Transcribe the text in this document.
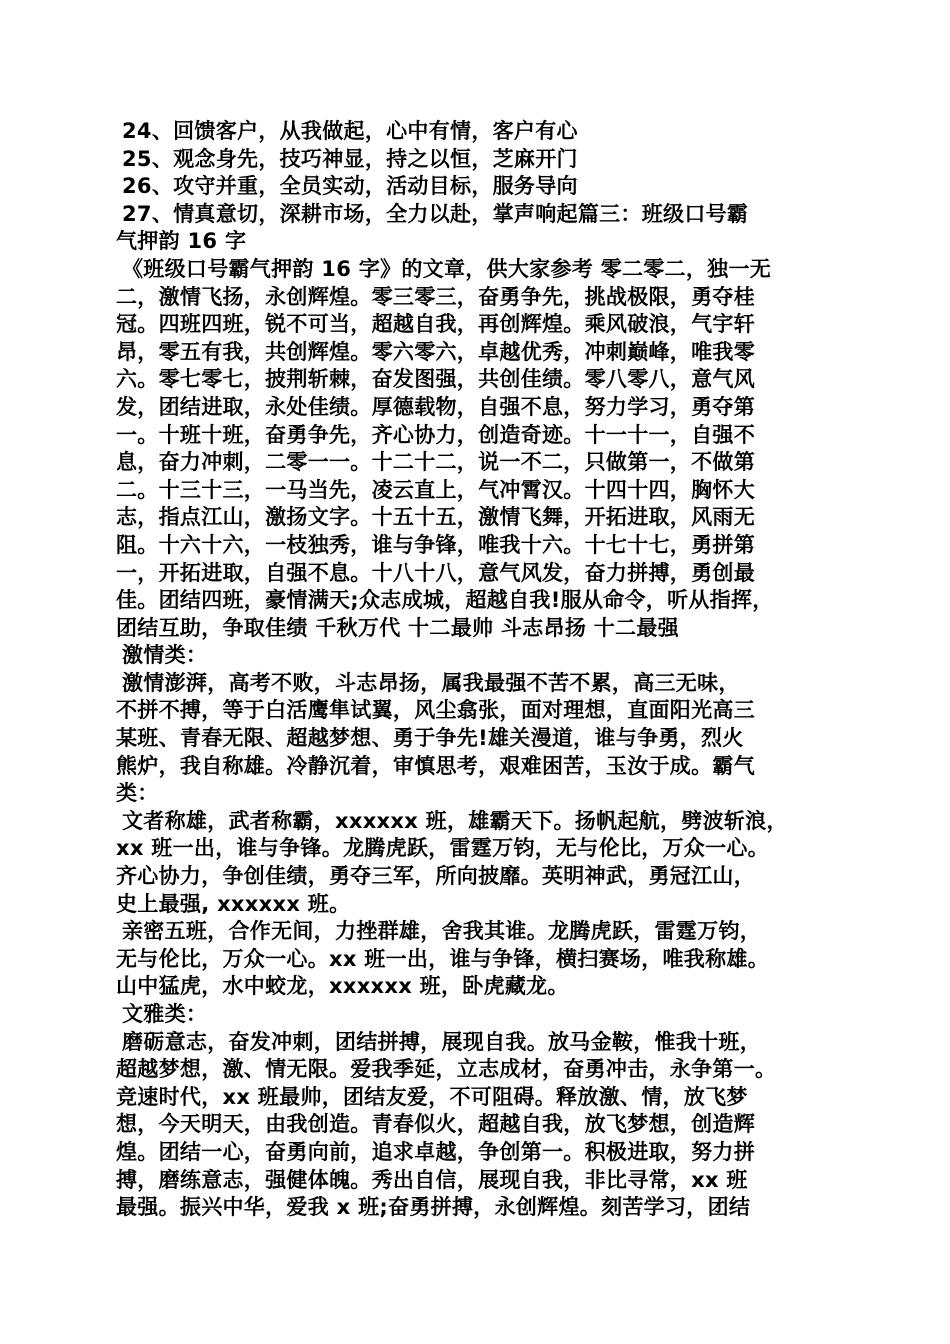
24、回馈客户，从我做起，心中有情，客户有心
25、观念身先，技巧神显，持之以恒，芝麻开门
26、攻守并重，全员实动，活动目标，服务导向
27、情真意切，深耕市场，全力以赴，掌声响起篇三：班级口号霸
气押韵 16 字
《班级口号霸气押韵 16 字》的文章，供大家参考 零二零二，独一无
二，激情飞扬，永创辉煌。零三零三，奋勇争先，挑战极限，勇夺桂
冠。四班四班，锐不可当，超越自我，再创辉煌。乘风破浪，气宇轩
昂，零五有我，共创辉煌。零六零六，卓越优秀，冲刺巅峰，唯我零
六。零七零七，披荆斩棘，奋发图强，共创佳绩。零八零八，意气风
发，团结进取，永处佳绩。厚德载物，自强不息，努力学习，勇夺第
一。十班十班，奋勇争先，齐心协力，创造奇迹。十一十一，自强不
息，奋力冲刺，二零一一。十二十二，说一不二，只做第一，不做第
二。十三十三，一马当先，凌云直上，气冲霄汉。十四十四，胸怀大
志，指点江山，激扬文字。十五十五，激情飞舞，开拓进取，风雨无
阻。十六十六，一枝独秀，谁与争锋，唯我十六。十七十七，勇拼第
一，开拓进取，自强不息。十八十八，意气风发，奋力拼搏，勇创最
佳。团结四班，豪情满天;众志成城，超越自我!服从命令，听从指挥，
团结互助，争取佳绩 千秋万代 十二最帅 斗志昂扬 十二最强
激情类：
激情澎湃，高考不败，斗志昂扬，属我最强不苦不累，高三无味，
不拼不搏，等于白活鹰隼试翼，风尘翕张，面对理想，直面阳光高三
某班、青春无限、超越梦想、勇于争先!雄关漫道，谁与争勇，烈火
熊炉，我自称雄。冷静沉着，审慎思考，艰难困苦，玉汝于成。霸气
类：
文者称雄，武者称霸，xxxxxx 班，雄霸天下。扬帆起航，劈波斩浪，
xx 班一出，谁与争锋。龙腾虎跃，雷霆万钧，无与伦比，万众一心。
齐心协力，争创佳绩，勇夺三军，所向披靡。英明神武，勇冠江山，
史上最强, xxxxxx 班。
亲密五班，合作无间，力挫群雄，舍我其谁。龙腾虎跃，雷霆万钧，
无与伦比，万众一心。xx 班一出，谁与争锋，横扫赛场，唯我称雄。
山中猛虎，水中蛟龙，xxxxxx 班，卧虎藏龙。
文雅类：
磨砺意志，奋发冲刺，团结拼搏，展现自我。放马金鞍，惟我十班，
超越梦想，激、情无限。爱我季延，立志成材，奋勇冲击，永争第一。
竞速时代，xx 班最帅，团结友爱，不可阻碍。释放激、情，放飞梦
想，今天明天，由我创造。青春似火，超越自我，放飞梦想，创造辉
煌。团结一心，奋勇向前，追求卓越，争创第一。积极进取，努力拼
搏，磨练意志，强健体魄。秀出自信，展现自我，非比寻常，xx 班
最强。振兴中华，爱我 x 班;奋勇拼搏，永创辉煌。刻苦学习，团结
